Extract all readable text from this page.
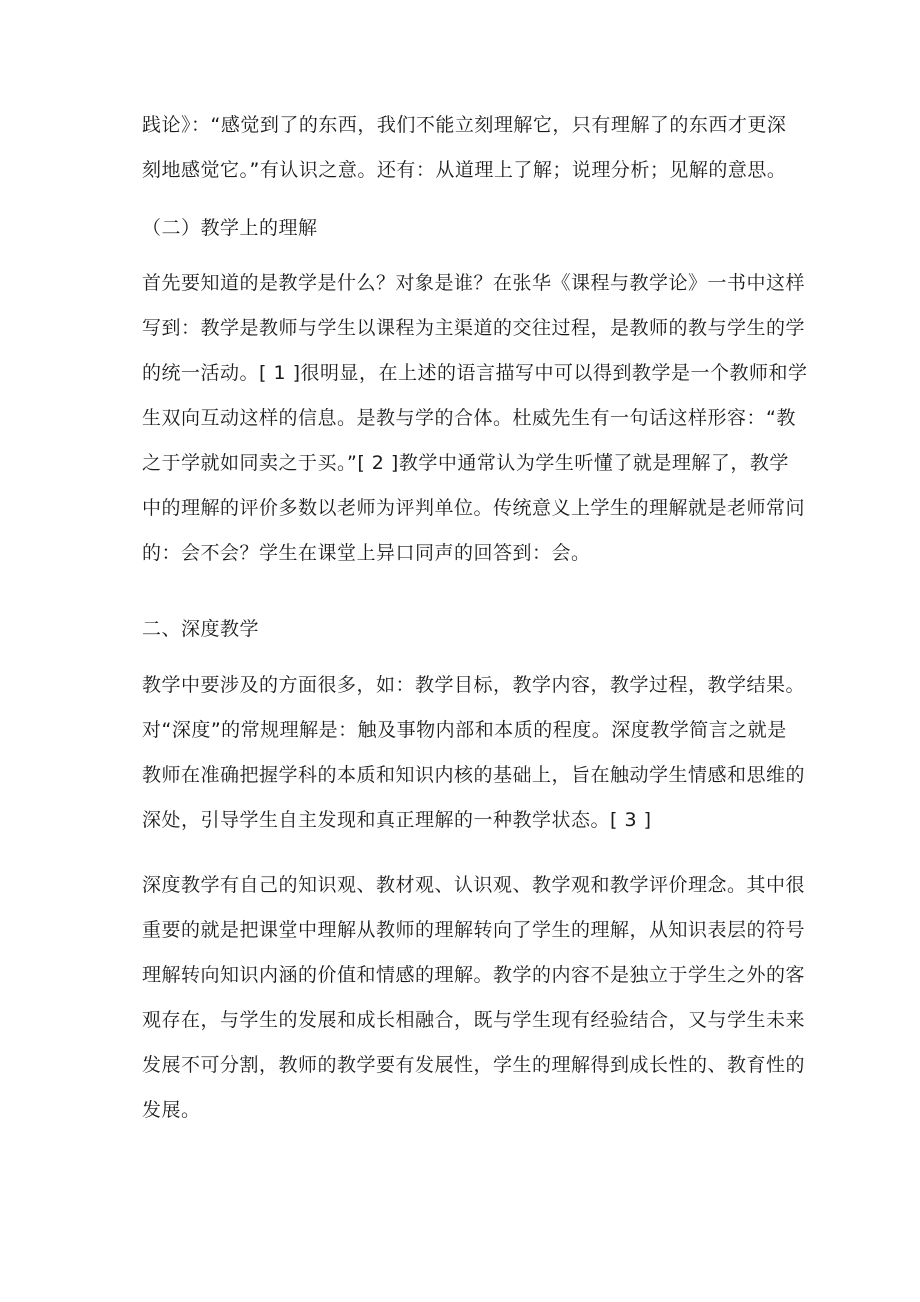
践论》：“感觉到了的东西，我们不能立刻理解它，只有理解了的东西才更深
刻地感觉它。”有认识之意。还有：从道理上了解；说理分析；见解的意思。
（二）教学上的理解
首先要知道的是教学是什么？对象是谁？在张华《课程与教学论》一书中这样
写到：教学是教师与学生以课程为主渠道的交往过程，是教师的教与学生的学
的统一活动。[ 1 ]很明显，在上述的语言描写中可以得到教学是一个教师和学
生双向互动这样的信息。是教与学的合体。杜威先生有一句话这样形容：“教
之于学就如同卖之于买。”[ 2 ]教学中通常认为学生听懂了就是理解了，教学
中的理解的评价多数以老师为评判单位。传统意义上学生的理解就是老师常问
的：会不会？学生在课堂上异口同声的回答到：会。
二、深度教学
教学中要涉及的方面很多，如：教学目标，教学内容，教学过程，教学结果。
对“深度”的常规理解是：触及事物内部和本质的程度。深度教学简言之就是
教师在准确把握学科的本质和知识内核的基础上，旨在触动学生情感和思维的
深处，引导学生自主发现和真正理解的一种教学状态。[ 3 ]
深度教学有自己的知识观、教材观、认识观、教学观和教学评价理念。其中很
重要的就是把课堂中理解从教师的理解转向了学生的理解，从知识表层的符号
理解转向知识内涵的价值和情感的理解。教学的内容不是独立于学生之外的客
观存在，与学生的发展和成长相融合，既与学生现有经验结合，又与学生未来
发展不可分割，教师的教学要有发展性，学生的理解得到成长性的、教育性的
发展。
